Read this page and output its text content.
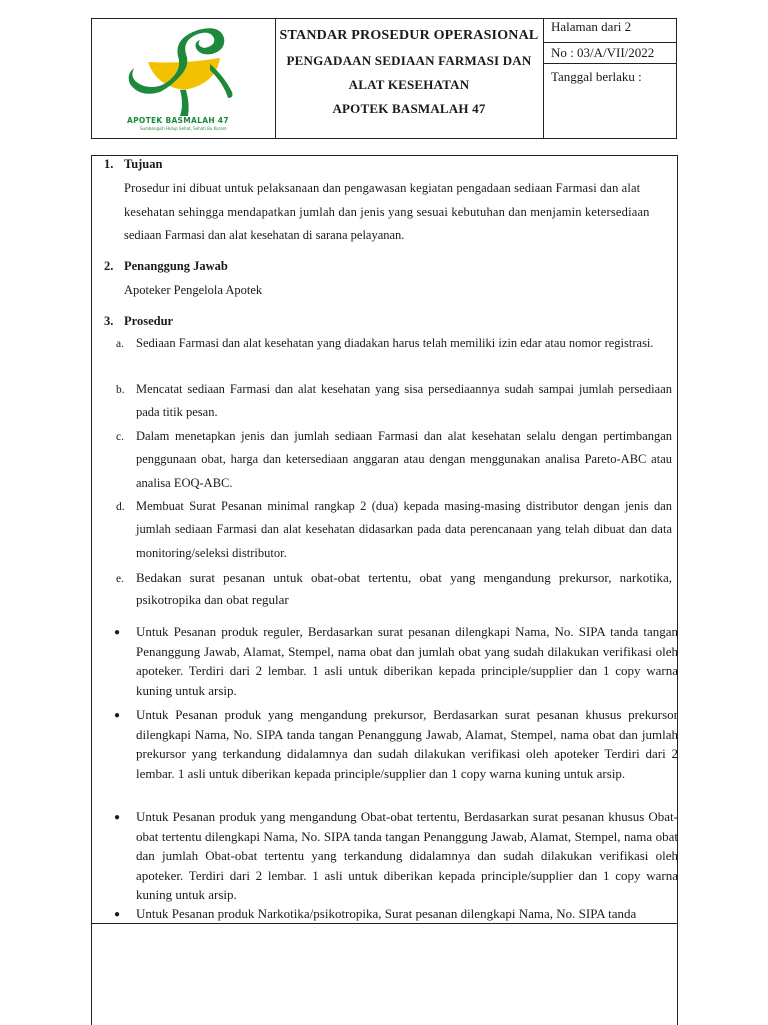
APOTEK BASMALAH 47
Sumbangsih Hidup Sehat, Sehati Bu Karam
STANDAR PROSEDUR OPERASIONAL
PENGADAAN SEDIAAN FARMASI DAN
ALAT KESEHATAN
APOTEK BASMALAH 47
Halaman dari 2
No : 03/A/VII/2022
Tanggal berlaku :
1. Tujuan
Prosedur ini dibuat untuk pelaksanaan dan pengawasan kegiatan pengadaan sediaan Farmasi dan alat
kesehatan sehingga mendapatkan jumlah dan jenis yang sesuai kebutuhan dan menjamin ketersediaan
sediaan Farmasi dan alat kesehatan di sarana pelayanan.
2. Penanggung Jawab
Apoteker Pengelola Apotek
3. Prosedur
a. Sediaan Farmasi dan alat kesehatan yang diadakan harus telah memiliki izin edar atau nomor registrasi.
b. Mencatat sediaan Farmasi dan alat kesehatan yang sisa persediaannya sudah sampai jumlah persediaan pada titik pesan.
c. Dalam menetapkan jenis dan jumlah sediaan Farmasi dan alat kesehatan selalu dengan pertimbangan penggunaan obat, harga dan ketersediaan anggaran atau dengan menggunakan analisa Pareto-ABC atau analisa EOQ-ABC.
d. Membuat Surat Pesanan minimal rangkap 2 (dua) kepada masing-masing distributor dengan jenis dan jumlah sediaan Farmasi dan alat kesehatan didasarkan pada data perencanaan yang telah dibuat dan data monitoring/seleksi distributor.
e. Bedakan surat pesanan untuk obat-obat tertentu, obat yang mengandung prekursor, narkotika, psikotropika dan obat regular
● Untuk Pesanan produk reguler, Berdasarkan surat pesanan dilengkapi Nama, No. SIPA tanda tangan Penanggung Jawab, Alamat, Stempel, nama obat dan jumlah obat yang sudah dilakukan verifikasi oleh apoteker. Terdiri dari 2 lembar. 1 asli untuk diberikan kepada principle/supplier dan 1 copy warna kuning untuk arsip.
● Untuk Pesanan produk yang mengandung prekursor, Berdasarkan surat pesanan khusus prekursor dilengkapi Nama, No. SIPA tanda tangan Penanggung Jawab, Alamat, Stempel, nama obat dan jumlah prekursor yang terkandung didalamnya dan sudah dilakukan verifikasi oleh apoteker Terdiri dari 2 lembar. 1 asli untuk diberikan kepada principle/supplier dan 1 copy warna kuning untuk arsip.
● Untuk Pesanan produk yang mengandung Obat-obat tertentu, Berdasarkan surat pesanan khusus Obat-obat tertentu dilengkapi Nama, No. SIPA tanda tangan Penanggung Jawab, Alamat, Stempel, nama obat dan jumlah Obat-obat tertentu yang terkandung didalamnya dan sudah dilakukan verifikasi oleh apoteker. Terdiri dari 2 lembar. 1 asli untuk diberikan kepada principle/supplier dan 1 copy warna kuning untuk arsip.
● Untuk Pesanan produk Narkotika/psikotropika, Surat pesanan dilengkapi Nama, No. SIPA tanda
